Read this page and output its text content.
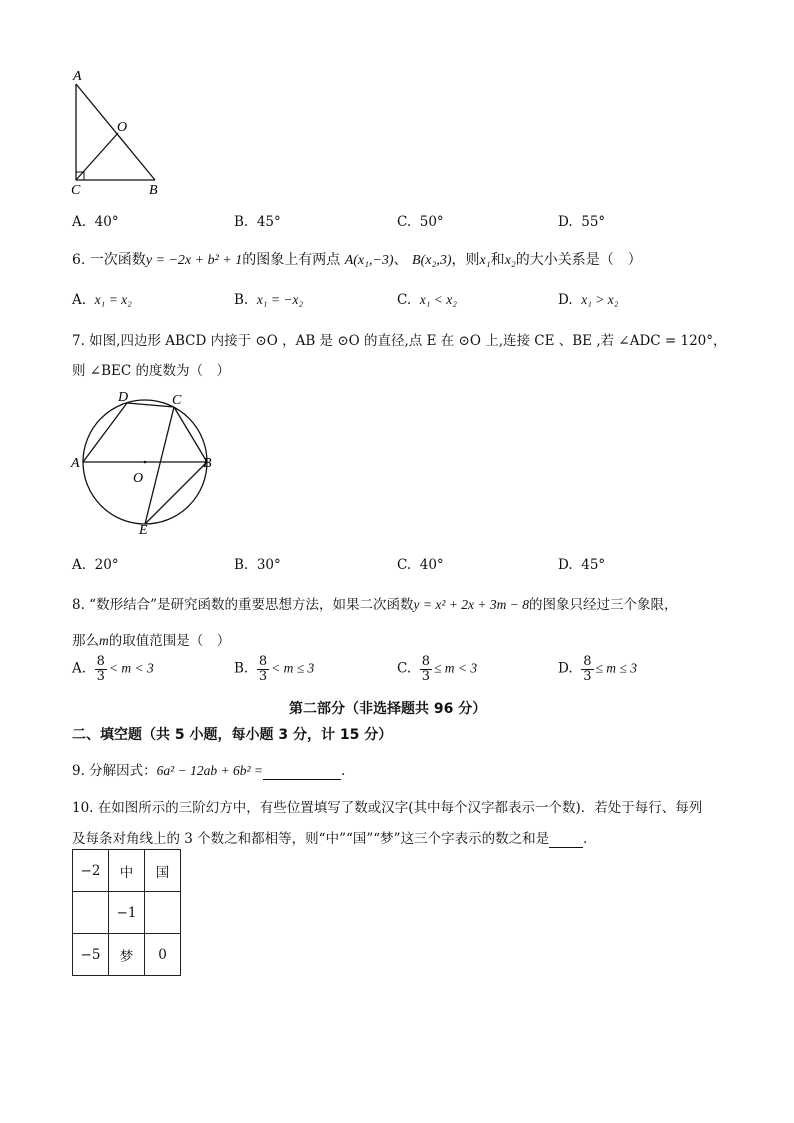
A
O
C	B
A. 40°	B. 45°	C. 50°	D. 55°
6. 一次函数y = −2x + b² + 1的图象上有两点 A(x₁,−3)、 B(x₂,3)，则x₁和x₂的大小关系是（　）
A. x₁ = x₂	B. x₁ = −x₂	C. x₁ < x₂	D. x₁ > x₂
7. 如图,四边形 ABCD 内接于 ⊙O ，AB 是 ⊙O 的直径,点 E 在 ⊙O 上,连接 CE 、BE ,若 ∠ADC = 120°，
则 ∠BEC 的度数为（　）
D	C
A	B
O
E
A. 20°	B. 30°	C. 40°	D. 45°
8. “数形结合”是研究函数的重要思想方法，如果二次函数y = x² + 2x + 3m − 8的图象只经过三个象限，
那么m的取值范围是（　）
A. $\frac{8}{3} < m < 3$	B. $\frac{8}{3} < m \le 3$	C. $\frac{8}{3} \le m < 3$	D. $\frac{8}{3} \le m \le 3$
第二部分（非选择题共 96 分）
二、填空题（共 5 小题，每小题 3 分，计 15 分）
9. 分解因式：6a² − 12ab + 6b² =	.
10. 在如图所示的三阶幻方中，有些位置填写了数或汉字(其中每个汉字都表示一个数)．若处于每行、每列
及每条对角线上的 3 个数之和都相等，则“中”“国”“梦”这三个字表示的数之和是	．
−2	中	国
	−1	
−5	梦	0
